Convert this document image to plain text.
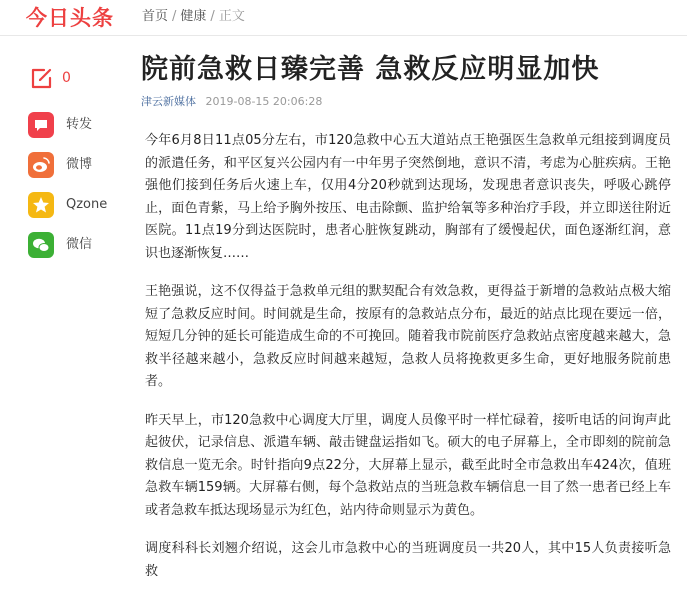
今日头条 首页 / 健康 / 正文
0
转发
微博
Qzone
微信
院前急救日臻完善 急救反应明显加快
津云新媒体 2019-08-15 20:06:28

今年6月8日11点05分左右，市120急救中心五大道站点王艳强医生急救单元组接到调度员的派遣任务，和平区复兴公园内有一中年男子突然倒地，意识不清，考虑为心脏疾病。王艳强他们接到任务后火速上车，仅用4分20秒就到达现场，发现患者意识丧失，呼吸心跳停止，面色青紫，马上给予胸外按压、电击除颤、监护给氧等多种治疗手段，并立即送往附近医院。11点19分到达医院时，患者心脏恢复跳动，胸部有了缓慢起伏，面色逐渐红润，意识也逐渐恢复……

王艳强说，这不仅得益于急救单元组的默契配合有效急救，更得益于新增的急救站点极大缩短了急救反应时间。时间就是生命，按原有的急救站点分布，最近的站点比现在要远一倍，短短几分钟的延长可能造成生命的不可挽回。随着我市院前医疗急救站点密度越来越大，急救半径越来越小，急救反应时间越来越短，急救人员将挽救更多生命，更好地服务院前患者。

昨天早上，市120急救中心调度大厅里，调度人员像平时一样忙碌着，接听电话的问询声此起彼伏，记录信息、派遣车辆、敲击键盘运指如飞。硕大的电子屏幕上，全市即刻的院前急救信息一览无余。时针指向9点22分，大屏幕上显示，截至此时全市急救出车424次，值班急救车辆159辆。大屏幕右侧，每个急救站点的当班急救车辆信息一目了然一患者已经上车或者急救车抵达现场显示为红色，站内待命则显示为黄色。

调度科科长刘翘介绍说，这会儿市急救中心的当班调度员一共20人，其中15人负责接听急救
